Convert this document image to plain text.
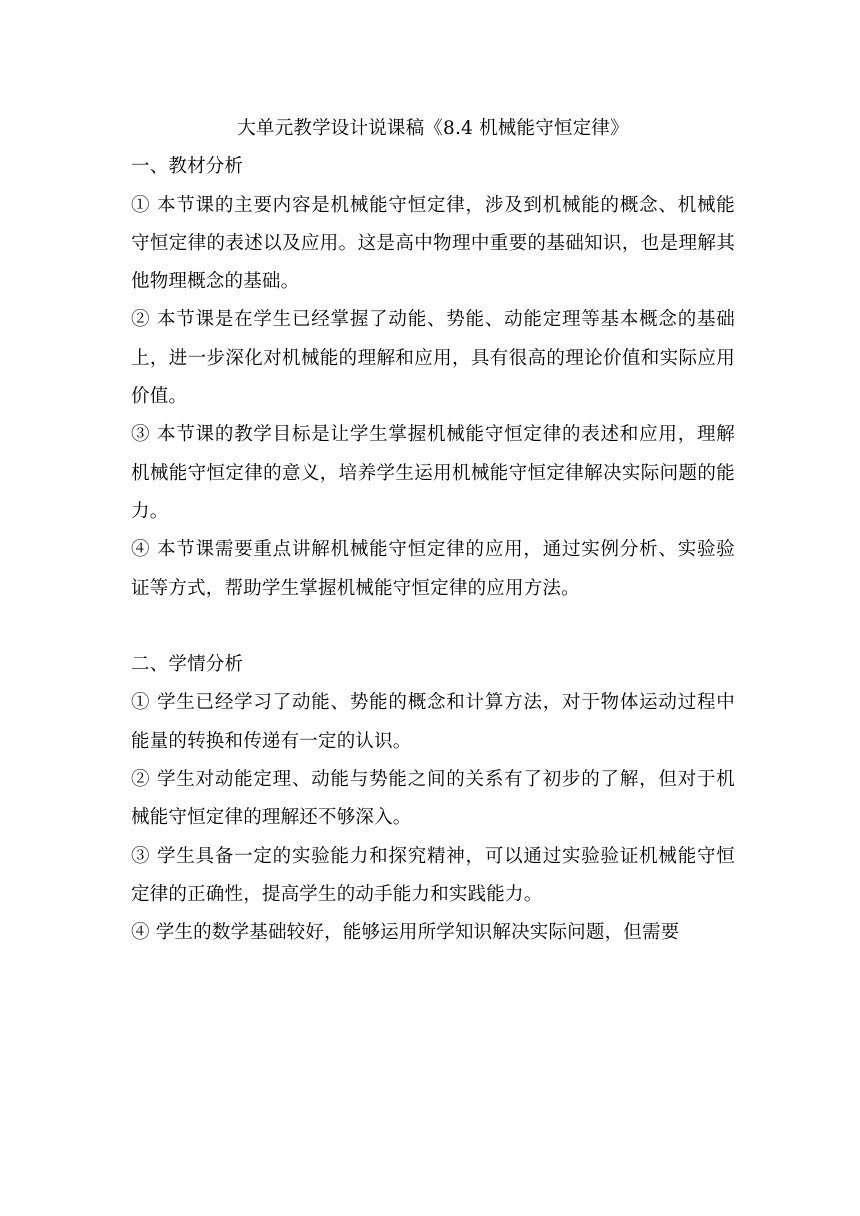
大单元教学设计说课稿《8.4 机械能守恒定律》
一、教材分析

① 本节课的主要内容是机械能守恒定律，涉及到机械能的概念、机械能守恒定律的表述以及应用。这是高中物理中重要的基础知识，也是理解其他物理概念的基础。

② 本节课是在学生已经掌握了动能、势能、动能定理等基本概念的基础上，进一步深化对机械能的理解和应用，具有很高的理论价值和实际应用价值。

③ 本节课的教学目标是让学生掌握机械能守恒定律的表述和应用，理解机械能守恒定律的意义，培养学生运用机械能守恒定律解决实际问题的能力。

④ 本节课需要重点讲解机械能守恒定律的应用，通过实例分析、实验验证等方式，帮助学生掌握机械能守恒定律的应用方法。

二、学情分析

① 学生已经学习了动能、势能的概念和计算方法，对于物体运动过程中能量的转换和传递有一定的认识。

② 学生对动能定理、动能与势能之间的关系有了初步的了解，但对于机械能守恒定律的理解还不够深入。

③ 学生具备一定的实验能力和探究精神，可以通过实验验证机械能守恒定律的正确性，提高学生的动手能力和实践能力。

④ 学生的数学基础较好，能够运用所学知识解决实际问题，但需要
